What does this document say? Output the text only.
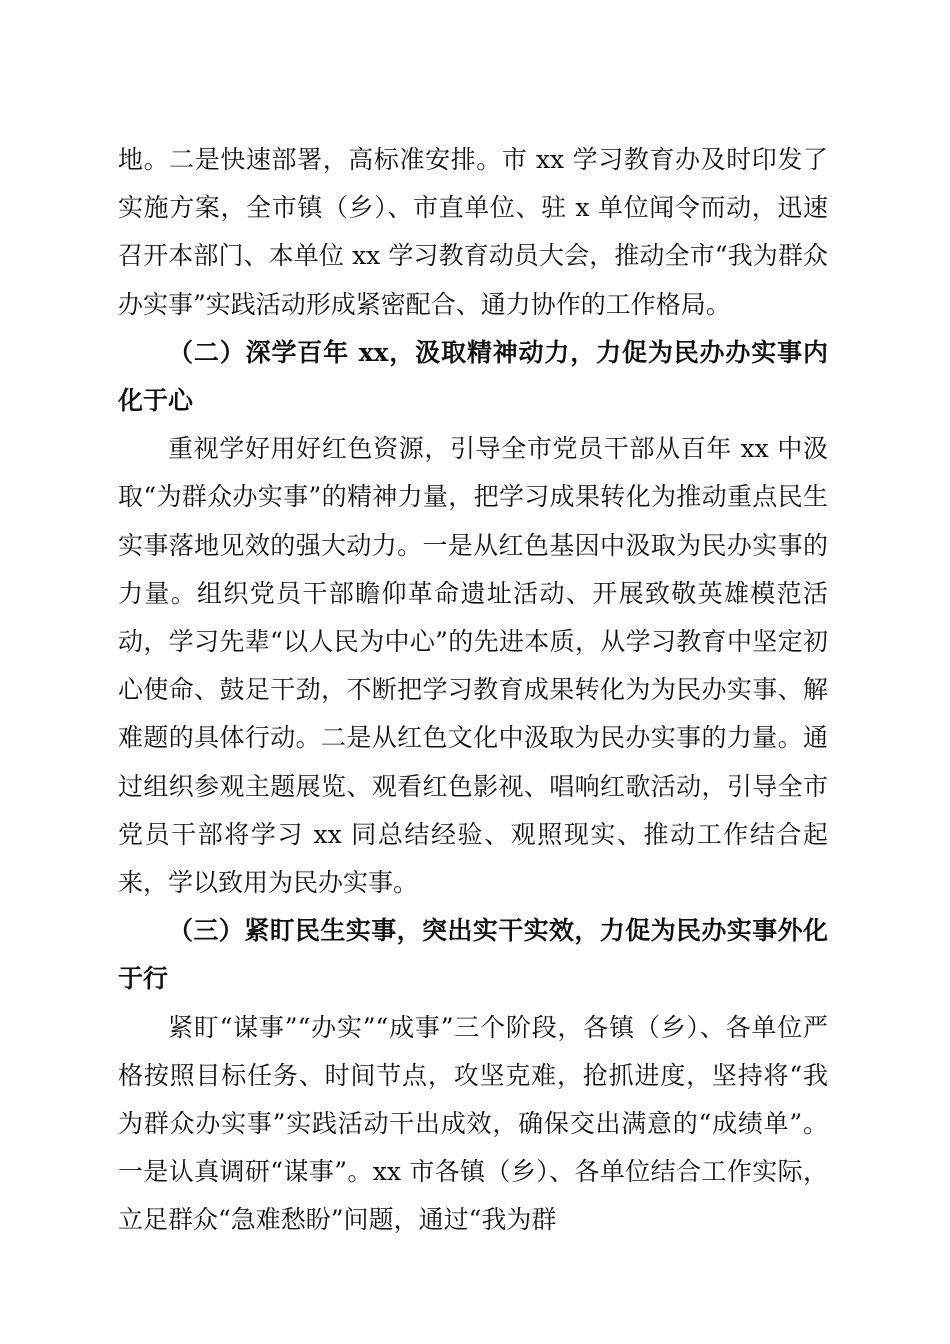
地。二是快速部署，高标准安排。市 xx 学习教育办及时印发了实施方案，全市镇（乡）、市直单位、驻 x 单位闻令而动，迅速召开本部门、本单位 xx 学习教育动员大会，推动全市“我为群众办实事”实践活动形成紧密配合、通力协作的工作格局。

（二）深学百年 xx，汲取精神动力，力促为民办办实事内化于心

重视学好用好红色资源，引导全市党员干部从百年 xx 中汲取“为群众办实事”的精神力量，把学习成果转化为推动重点民生实事落地见效的强大动力。一是从红色基因中汲取为民办实事的力量。组织党员干部瞻仰革命遗址活动、开展致敬英雄模范活动，学习先辈“以人民为中心”的先进本质，从学习教育中坚定初心使命、鼓足干劲，不断把学习教育成果转化为为民办实事、解难题的具体行动。二是从红色文化中汲取为民办实事的力量。通过组织参观主题展览、观看红色影视、唱响红歌活动，引导全市党员干部将学习 xx 同总结经验、观照现实、推动工作结合起来，学以致用为民办实事。

（三）紧盯民生实事，突出实干实效，力促为民办实事外化于行

紧盯“谋事”“办实”“成事”三个阶段，各镇（乡）、各单位严格按照目标任务、时间节点，攻坚克难，抢抓进度，坚持将“我为群众办实事”实践活动干出成效，确保交出满意的“成绩单”。一是认真调研“谋事”。xx 市各镇（乡）、各单位结合工作实际，立足群众“急难愁盼”问题，通过“我为群
